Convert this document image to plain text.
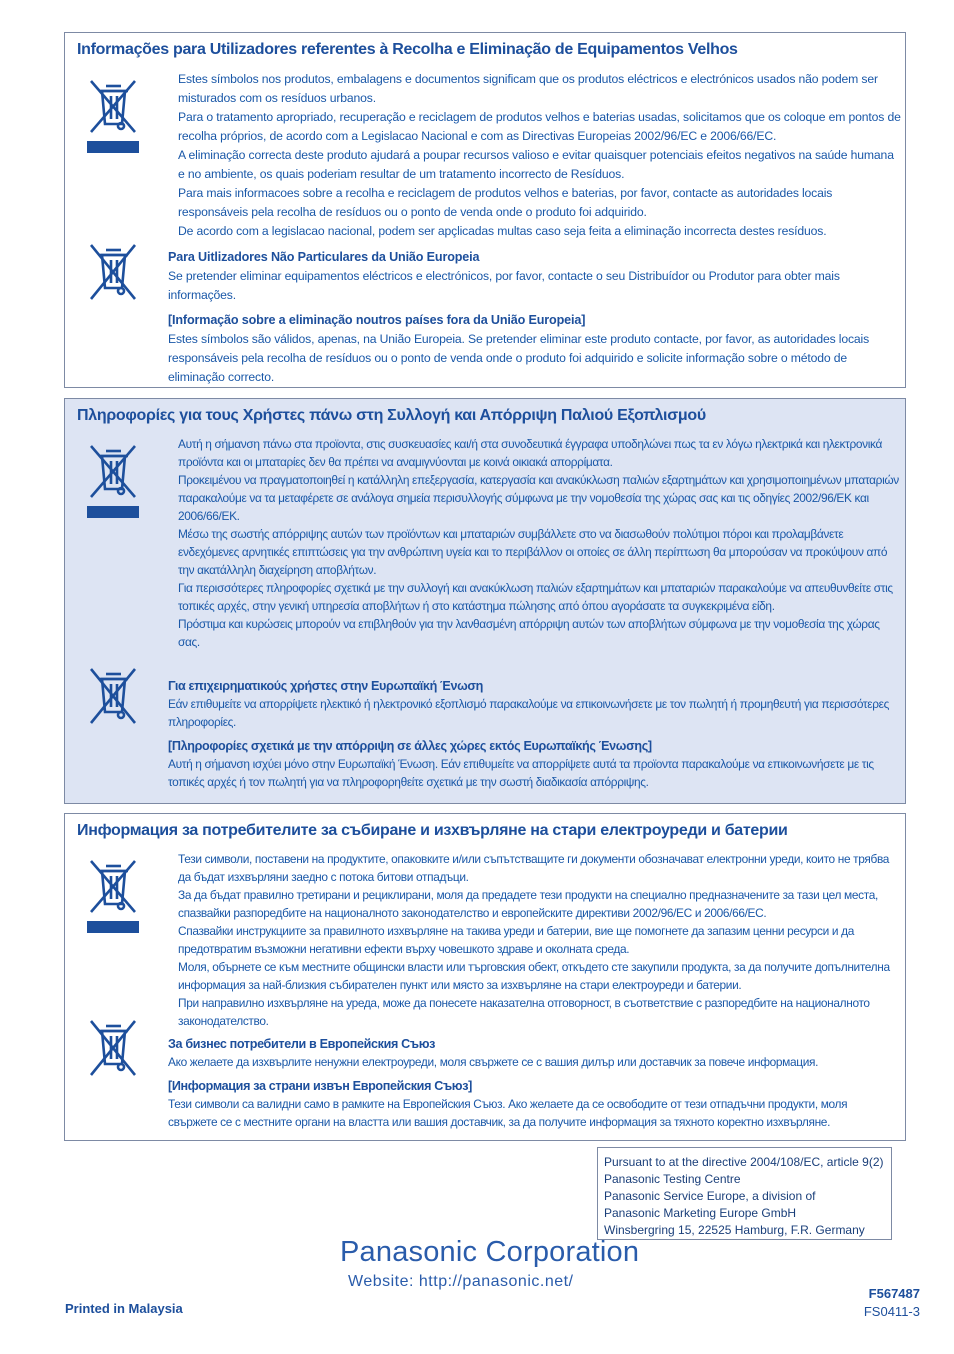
Informações para Utilizadores referentes à Recolha e Eliminação de Equipamentos Velhos

Estes símbolos nos produtos, embalagens e documentos significam que os produtos eléctricos e electrónicos usados não podem ser misturados com os resíduos urbanos.

Para o tratamento apropriado, recuperação e reciclagem de produtos velhos e baterias usadas, solicitamos que os coloque em pontos de recolha próprios, de acordo com a Legislacao Nacional e com as Directivas Europeias 2002/96/EC e 2006/66/EC.

A eliminação correcta deste produto ajudará a poupar recursos valioso e evitar quaisquer potenciais efeitos negativos na saúde humana e no ambiente, os quais poderiam resultar de um tratamento incorrecto de Resíduos.

Para mais informacoes sobre a recolha e reciclagem de produtos velhos e baterias, por favor, contacte as autoridades locais responsáveis pela recolha de resíduos ou o ponto de venda onde o produto foi adquirido.

De acordo com a legislacao nacional, podem ser apçlicadas multas caso seja feita a eliminação incorrecta destes resíduos.

Para Uitlizadores Não Particulares da União Europeia

Se pretender eliminar equipamentos eléctricos e electrónicos, por favor, contacte o seu Distribuídor ou Produtor para obter mais informações.

[Informação sobre a eliminação noutros países fora da União Europeia]

Estes símbolos são válidos, apenas, na União Europeia. Se pretender eliminar este produto contacte, por favor, as autoridades locais responsáveis pela recolha de resíduos ou o ponto de venda onde o produto foi adquirido e solicite informação sobre o método de eliminação correcto.

Πληροφορίες για τους Χρήστες πάνω στη Συλλογή και Απόρριψη Παλιού Εξοπλισμού

Αυτή η σήμανση πάνω στα προϊοντα, στις συσκευασίες και/ή στα συνοδευτικά έγγραφα υποδηλώνει πως τα εν λόγω ηλεκτρικά και ηλεκτρονικά προϊόντα και οι μπαταρίες δεν θα πρέπει να αναμιγνύονται με κοινά οικιακά απορρίματα.

Προκειμένου να πραγματοποιηθεί η κατάλληλη επεξεργασία, κατεργασία και ανακύκλωση παλιών εξαρτημάτων και χρησιμοποιημένων μπαταριών παρακαλούμε να τα μεταφέρετε σε ανάλογα σημεία περισυλλογής σύμφωνα με την νομοθεσία της χώρας σας και τις οδηγίες 2002/96/ΕΚ και 2006/66/ΕΚ.

Μέσω της σωστής απόρριψης αυτών των προϊόντων και μπαταριών συμβάλλετε στο να διασωθούν πολύτιμοι πόροι και προλαμβάνετε ενδεχόμενες αρνητικές επιπτώσεις για την ανθρώπινη υγεία και το περιβάλλον οι οποίες σε άλλη περίπτωση θα μπορούσαν να προκύψουν από την ακατάλληλη διαχείρηση αποβλήτων.

Για περισσότερες πληροφορίες σχετικά με την συλλογή και ανακύκλωση παλιών εξαρτημάτων και μπαταριών παρακαλούμε να απευθυνθείτε στις τοπικές αρχές, στην γενική υπηρεσία αποβλήτων ή στο κατάστημα πώλησης από όπου αγοράσατε τα συγκεκριμένα είδη.

Πρόστιμα και κυρώσεις μπορούν να επιβληθούν για την λανθασμένη απόρριψη αυτών των αποβλήτων σύμφωνα με την νομοθεσία της χώρας σας.

Για επιχειρηματικούς χρήστες στην Ευρωπαϊκή Ένωση

Εάν επιθυμείτε να απορρίψετε ηλεκτικό ή ηλεκτρονικό εξοπλισμό παρακαλούμε να επικοινωνήσετε με τον πωλητή ή προμηθευτή για περισσότερες πληροφορίες.

[Πληροφορίες σχετικά με την απόρριψη σε άλλες χώρες εκτός Ευρωπαϊκής Ένωσης]

Αυτή η σήμανση ισχύει μόνο στην Ευρωπαϊκή Ένωση. Εάν επιθυμείτε να απορρίψετε αυτά τα προϊοντα παρακαλούμε να επικοινωνήσετε με τις τοπικές αρχές ή τον πωλητή για να πληροφορηθείτε σχετικά με την σωστή διαδικασία απόρριψης.

Информация за потребителите за събиране и изхвърляне на стари електроуреди и батерии

Тези символи, поставени на продуктите, опаковките и/или съпътстващите ги документи обозначават електронни уреди, които не трябва да бъдат изхвърляни заедно с потока битови отпадъци.

За да бъдат правилно третирани и рециклирани, моля да предадете тези продукти на специално предназначените за тази цел места, спазвайки разпоредбите на националното законодателство и европейските директиви 2002/96/ЕС и 2006/66/ЕС.

Спазвайки инструкциите за правилното изхвърляне на такива уреди и батерии, вие ще помогнете да запазим ценни ресурси и да предотвратим възможни негативни ефекти върху човешкото здраве и околната среда.

Моля, обърнете се към местните общински власти или търговския обект, откъдето сте закупили продукта, за да получите допълнителна информация за най-близкия събирателен пункт или място за изхвърляне на стари електроуреди и батерии.

При направилно изхвърляне на уреда, може да понесете наказателна отговорност, в съответствие с разпоредбите на националното законодателство.

За бизнес потребители в Европейския Съюз

Ако желаете да изхвърлите ненужни електроуреди, моля свържете се с вашия дилър или доставчик за повече информация.

[Информация за страни извън Европейския Съюз]

Тези символи са валидни само в рамките на Европейския Съюз. Ако желаете да се освободите от тези отпадъчни продукти, моля свържете се с местните органи на властта или вашия доставчик, за да получите информация за тяхното коректно изхвърляне.

Pursuant to at the directive 2004/108/EC, article 9(2)
Panasonic Testing Centre
Panasonic Service Europe, a division of
Panasonic Marketing Europe GmbH
Winsbergring 15, 22525 Hamburg, F.R. Germany
Panasonic Corporation
Website: http://panasonic.net/
Printed in Malaysia
F567487
FS0411-3
